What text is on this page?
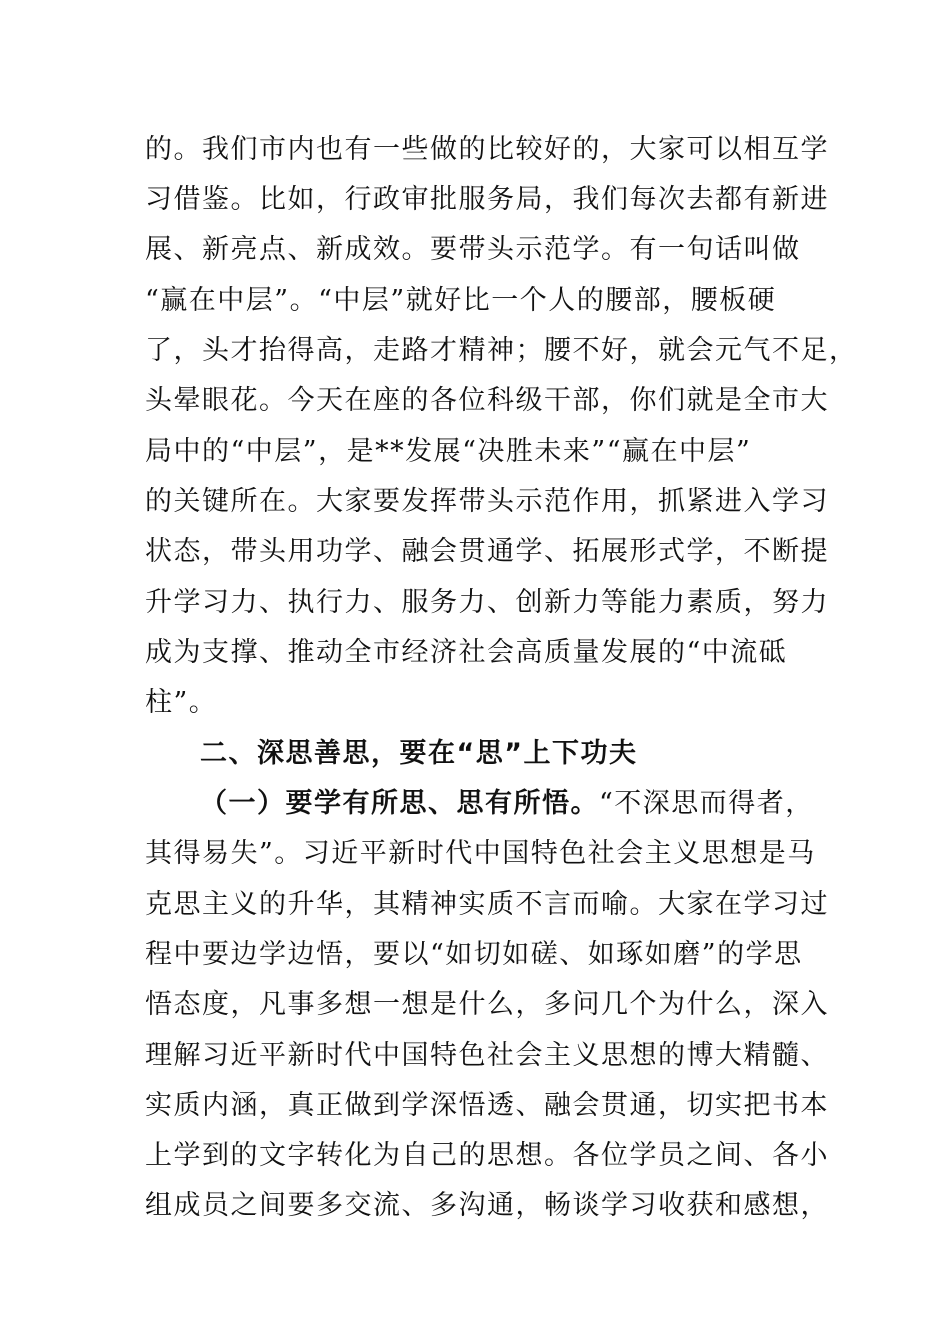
的。我们市内也有一些做的比较好的，大家可以相互学
习借鉴。比如，行政审批服务局，我们每次去都有新进
展、新亮点、新成效。要带头示范学。有一句话叫做
“赢在中层”。“中层”就好比一个人的腰部，腰板硬
了，头才抬得高，走路才精神；腰不好，就会元气不足，
头晕眼花。今天在座的各位科级干部，你们就是全市大
局中的“中层”，是**发展“决胜未来”“赢在中层”
的关键所在。大家要发挥带头示范作用，抓紧进入学习
状态，带头用功学、融会贯通学、拓展形式学，不断提
升学习力、执行力、服务力、创新力等能力素质，努力
成为支撑、推动全市经济社会高质量发展的“中流砥
柱”。
二、深思善思，要在“思”上下功夫
（一）要学有所思、思有所悟。“不深思而得者，
其得易失”。习近平新时代中国特色社会主义思想是马
克思主义的升华，其精神实质不言而喻。大家在学习过
程中要边学边悟，要以“如切如磋、如琢如磨”的学思
悟态度，凡事多想一想是什么，多问几个为什么，深入
理解习近平新时代中国特色社会主义思想的博大精髓、
实质内涵，真正做到学深悟透、融会贯通，切实把书本
上学到的文字转化为自己的思想。各位学员之间、各小
组成员之间要多交流、多沟通，畅谈学习收获和感想，
